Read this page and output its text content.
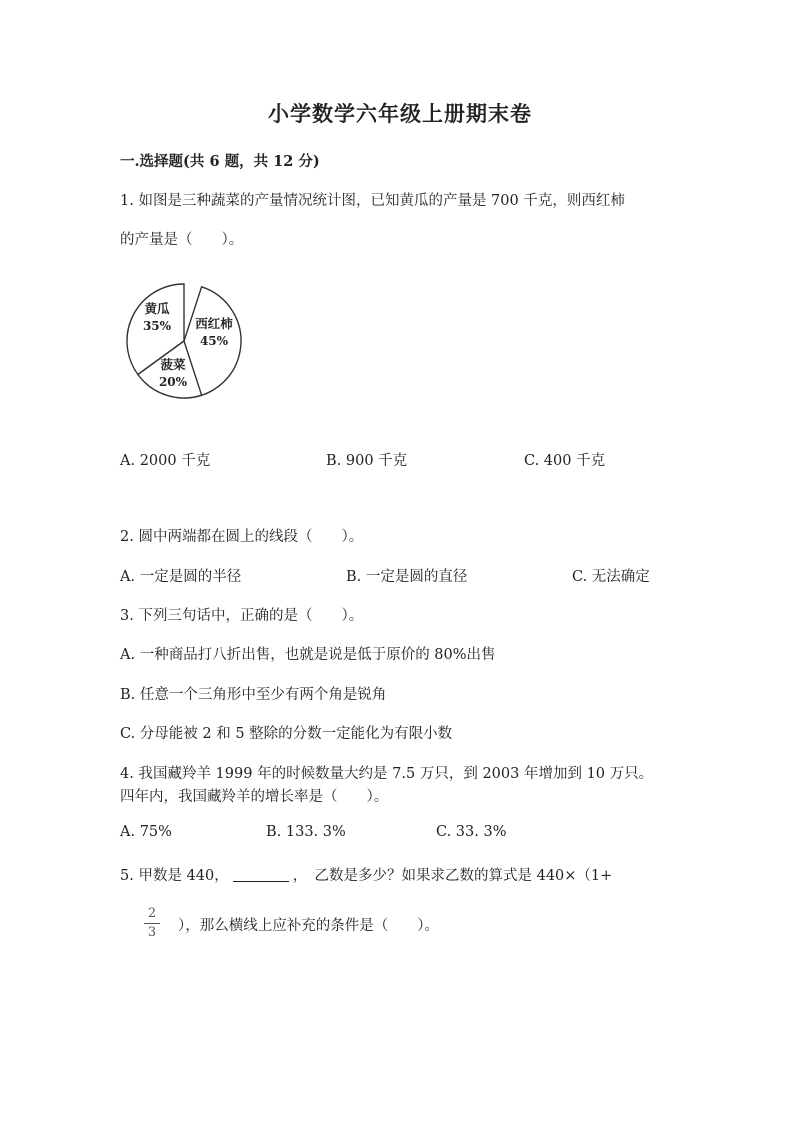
小学数学六年级上册期末卷
一.选择题(共 6 题，共 12 分)
1. 如图是三种蔬菜的产量情况统计图，已知黄瓜的产量是 700 千克，则西红柿
的产量是（　　）。
黄瓜
35% 西红柿
45%
菠菜
20%
A. 2000 千克	B. 900 千克	C. 400 千克
2. 圆中两端都在圆上的线段（　　）。
A. 一定是圆的半径	B. 一定是圆的直径	C. 无法确定
3. 下列三句话中，正确的是（　　）。
A. 一种商品打八折出售，也就是说是低于原价的 80%出售
B. 任意一个三角形中至少有两个角是锐角
C. 分母能被 2 和 5 整除的分数一定能化为有限小数
4. 我国藏羚羊 1999 年的时候数量大约是 7.5 万只，到 2003 年增加到 10 万只。
四年内，我国藏羚羊的增长率是（　　）。
A. 75%	B. 133. 3%	C. 33. 3%
5. 甲数是 440，	，　乙数是多少？如果求乙数的算式是 440×（1+
2
3 ），那么横线上应补充的条件是（　　）。
